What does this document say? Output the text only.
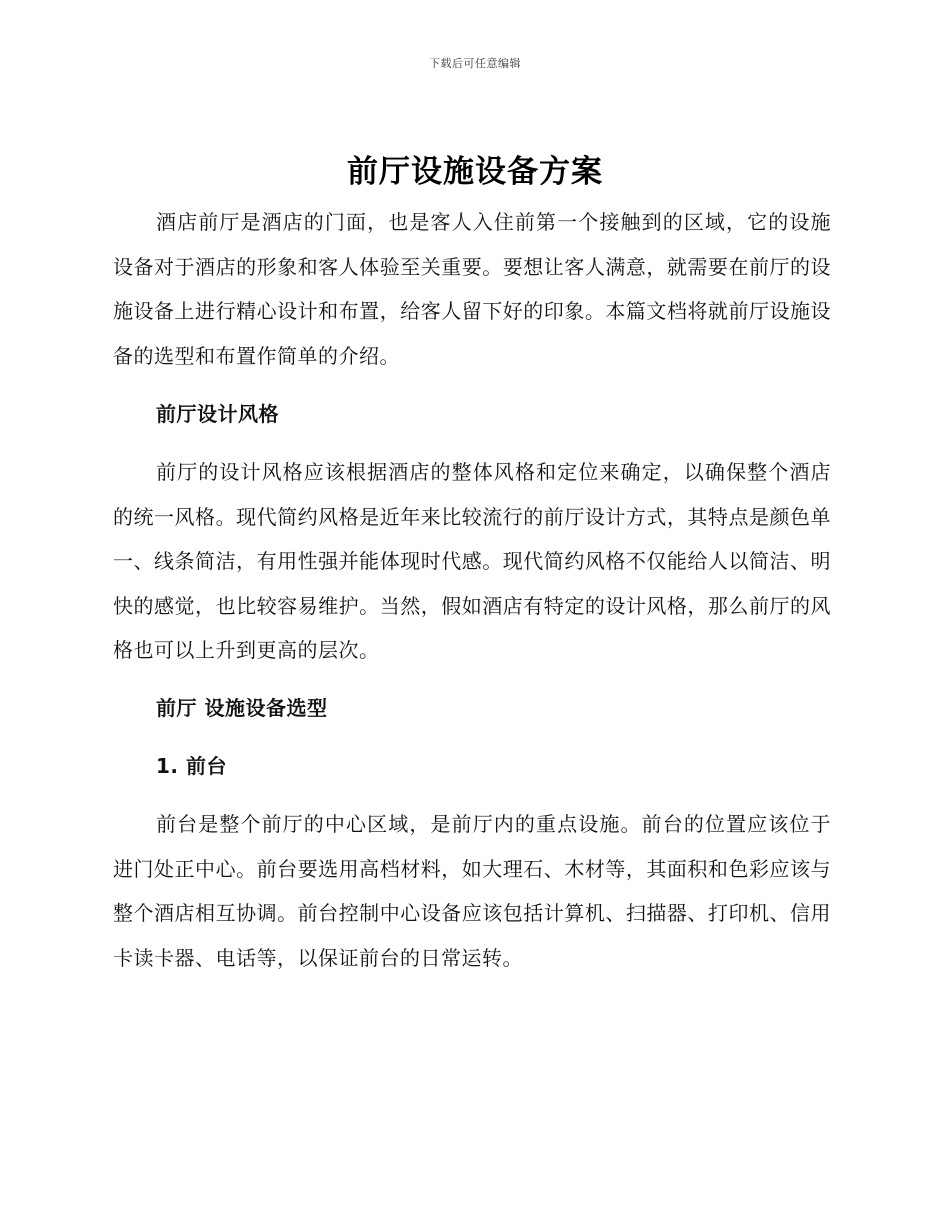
下载后可任意编辑
前厅设施设备方案

酒店前厅是酒店的门面，也是客人入住前第一个接触到的区域，它的设施设备对于酒店的形象和客人体验至关重要。要想让客人满意，就需要在前厅的设施设备上进行精心设计和布置，给客人留下好的印象。本篇文档将就前厅设施设备的选型和布置作简单的介绍。

前厅设计风格

前厅的设计风格应该根据酒店的整体风格和定位来确定，以确保整个酒店的统一风格。现代简约风格是近年来比较流行的前厅设计方式，其特点是颜色单一、线条简洁，有用性强并能体现时代感。现代简约风格不仅能给人以简洁、明快的感觉，也比较容易维护。当然，假如酒店有特定的设计风格，那么前厅的风格也可以上升到更高的层次。

前厅 设施设备选型

1. 前台

前台是整个前厅的中心区域，是前厅内的重点设施。前台的位置应该位于进门处正中心。前台要选用高档材料，如大理石、木材等，其面积和色彩应该与整个酒店相互协调。前台控制中心设备应该包括计算机、扫描器、打印机、信用卡读卡器、电话等，以保证前台的日常运转。
